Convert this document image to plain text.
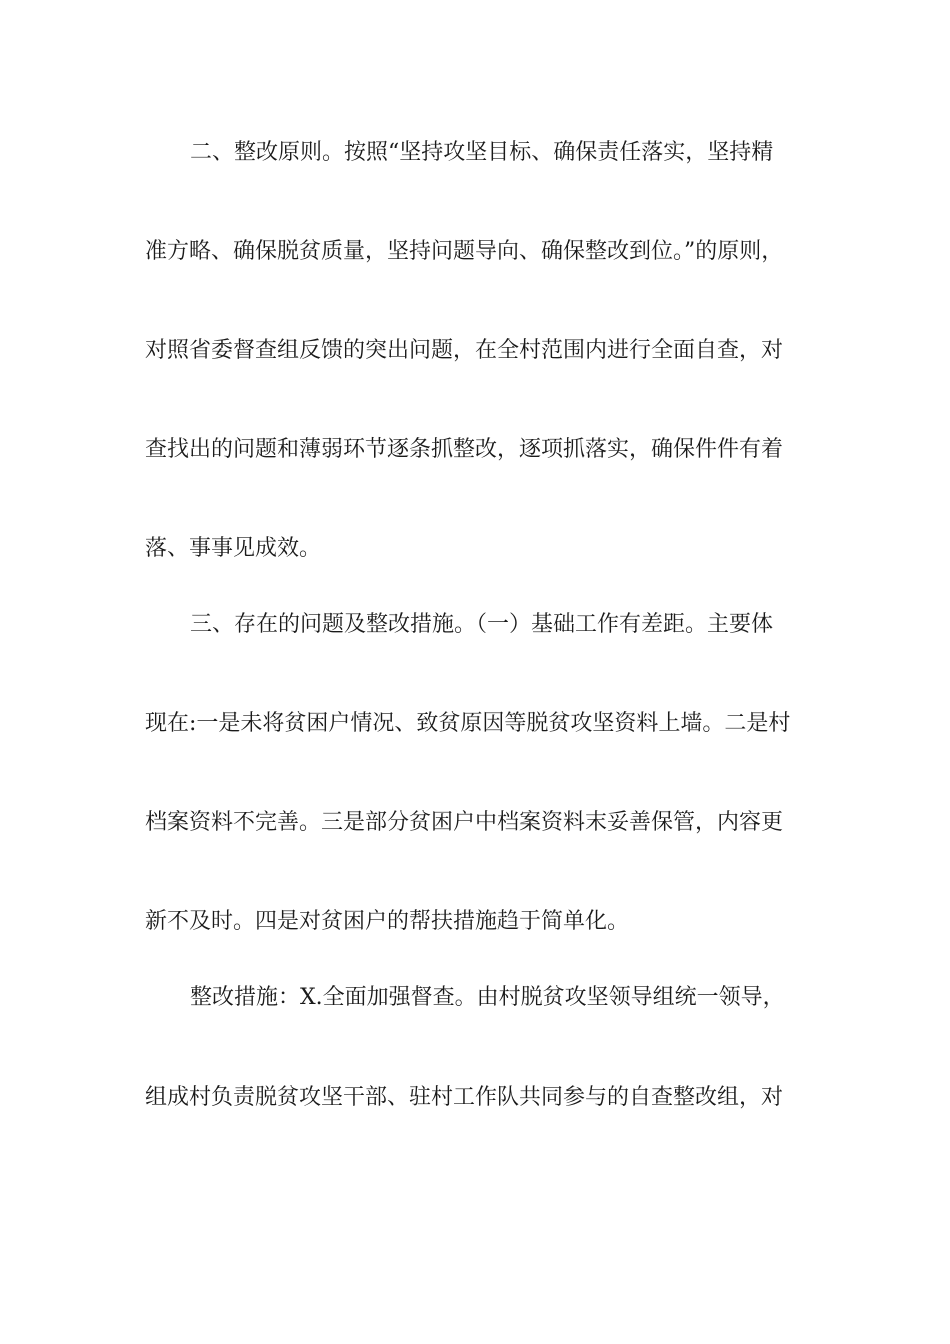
二、整改原则。按照“坚持攻坚目标、确保责任落实，坚持精
准方略、确保脱贫质量，坚持问题导向、确保整改到位。”的原则，
对照省委督查组反馈的突出问题，在全村范围内进行全面自查，对
查找出的问题和薄弱环节逐条抓整改，逐项抓落实，确保件件有着
落、事事见成效。
三、存在的问题及整改措施。（一）基础工作有差距。主要体
现在:一是未将贫困户情况、致贫原因等脱贫攻坚资料上墙。二是村
档案资料不完善。三是部分贫困户中档案资料末妥善保管，内容更
新不及时。四是对贫困户的帮扶措施趋于简单化。
整改措施：X.全面加强督查。由村脱贫攻坚领导组统一领导，
组成村负责脱贫攻坚干部、驻村工作队共同参与的自查整改组，对
